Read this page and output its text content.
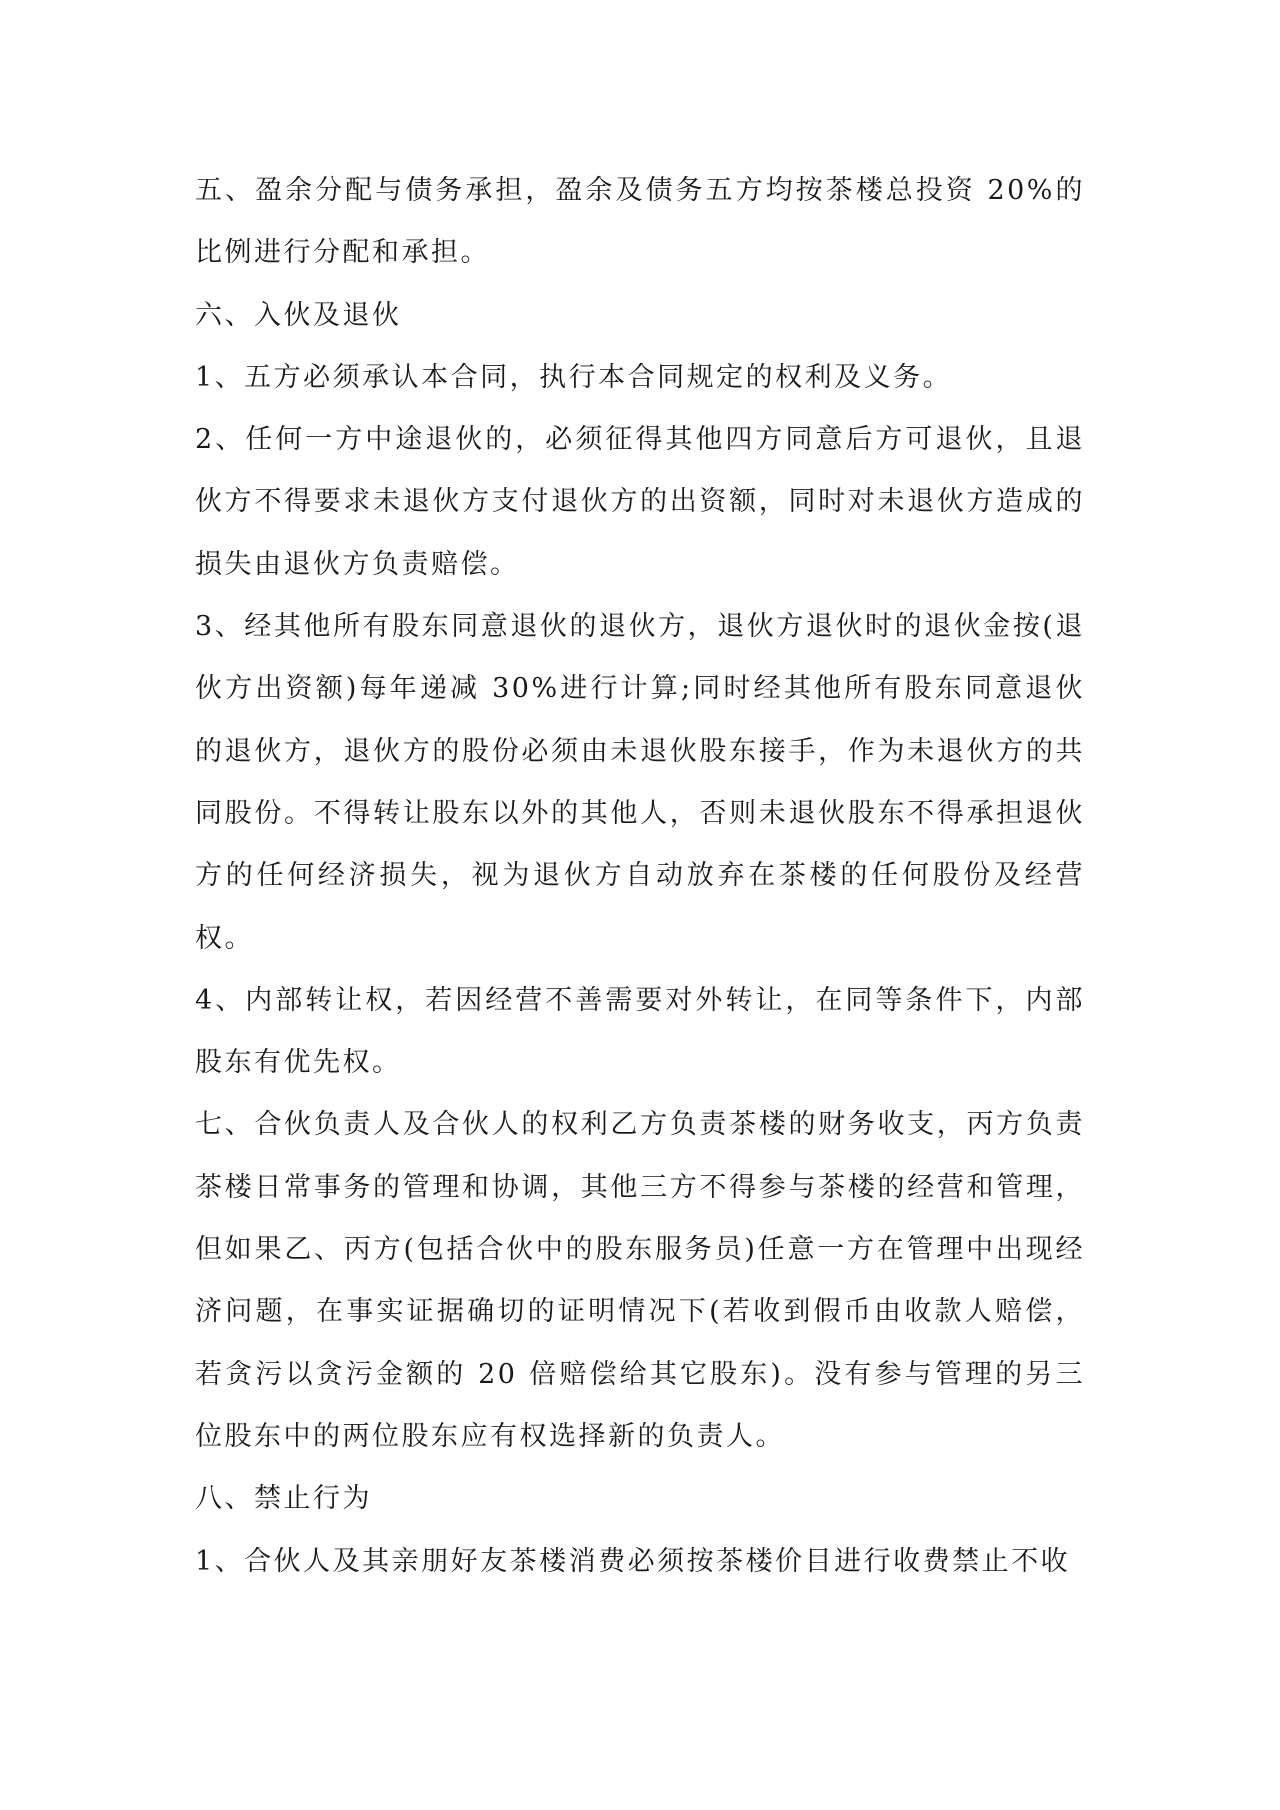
五、盈余分配与债务承担，盈余及债务五方均按茶楼总投资 20%的比例进行分配和承担。

六、入伙及退伙

1、五方必须承认本合同，执行本合同规定的权利及义务。

2、任何一方中途退伙的，必须征得其他四方同意后方可退伙，且退伙方不得要求未退伙方支付退伙方的出资额，同时对未退伙方造成的损失由退伙方负责赔偿。

3、经其他所有股东同意退伙的退伙方，退伙方退伙时的退伙金按(退伙方出资额)每年递减 30%进行计算;同时经其他所有股东同意退伙的退伙方，退伙方的股份必须由未退伙股东接手，作为未退伙方的共同股份。不得转让股东以外的其他人，否则未退伙股东不得承担退伙方的任何经济损失，视为退伙方自动放弃在茶楼的任何股份及经营权。

4、内部转让权，若因经营不善需要对外转让，在同等条件下，内部股东有优先权。

七、合伙负责人及合伙人的权利乙方负责茶楼的财务收支，丙方负责茶楼日常事务的管理和协调，其他三方不得参与茶楼的经营和管理，但如果乙、丙方(包括合伙中的股东服务员)任意一方在管理中出现经济问题，在事实证据确切的证明情况下(若收到假币由收款人赔偿，若贪污以贪污金额的 20 倍赔偿给其它股东)。没有参与管理的另三位股东中的两位股东应有权选择新的负责人。

八、禁止行为

1、合伙人及其亲朋好友茶楼消费必须按茶楼价目进行收费禁止不收
